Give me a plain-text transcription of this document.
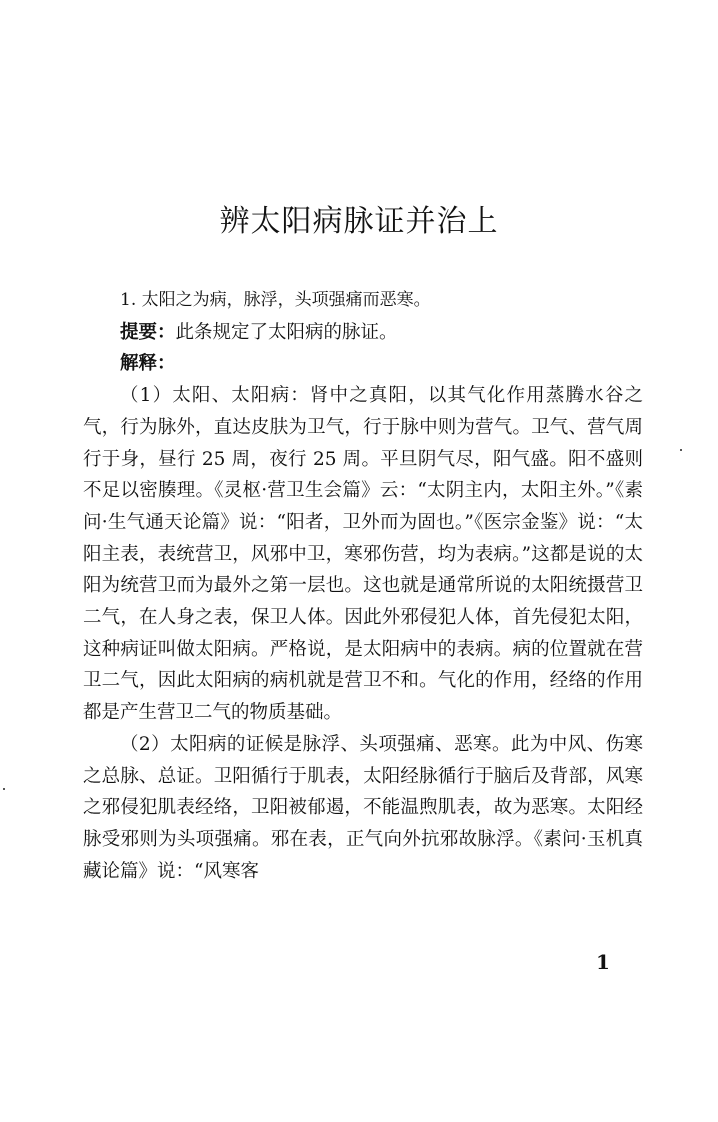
辨太阳病脉证并治上

1. 太阳之为病，脉浮，头项强痛而恶寒。

提要：此条规定了太阳病的脉证。

解释：

（1）太阳、太阳病：肾中之真阳，以其气化作用蒸腾水谷之气，行为脉外，直达皮肤为卫气，行于脉中则为营气。卫气、营气周行于身，昼行 25 周，夜行 25 周。平旦阴气尽，阳气盛。阳不盛则不足以密腠理。《灵枢·营卫生会篇》云：“太阴主内，太阳主外。”《素问·生气通天论篇》说：“阳者，卫外而为固也。”《医宗金鉴》说：“太阳主表，表统营卫，风邪中卫，寒邪伤营，均为表病。”这都是说的太阳为统营卫而为最外之第一层也。这也就是通常所说的太阳统摄营卫二气，在人身之表，保卫人体。因此外邪侵犯人体，首先侵犯太阳，这种病证叫做太阳病。严格说，是太阳病中的表病。病的位置就在营卫二气，因此太阳病的病机就是营卫不和。气化的作用，经络的作用都是产生营卫二气的物质基础。

（2）太阳病的证候是脉浮、头项强痛、恶寒。此为中风、伤寒之总脉、总证。卫阳循行于肌表，太阳经脉循行于脑后及背部，风寒之邪侵犯肌表经络，卫阳被郁遏，不能温煦肌表，故为恶寒。太阳经脉受邪则为头项强痛。邪在表，正气向外抗邪故脉浮。《素问·玉机真藏论篇》说：“风寒客

1
